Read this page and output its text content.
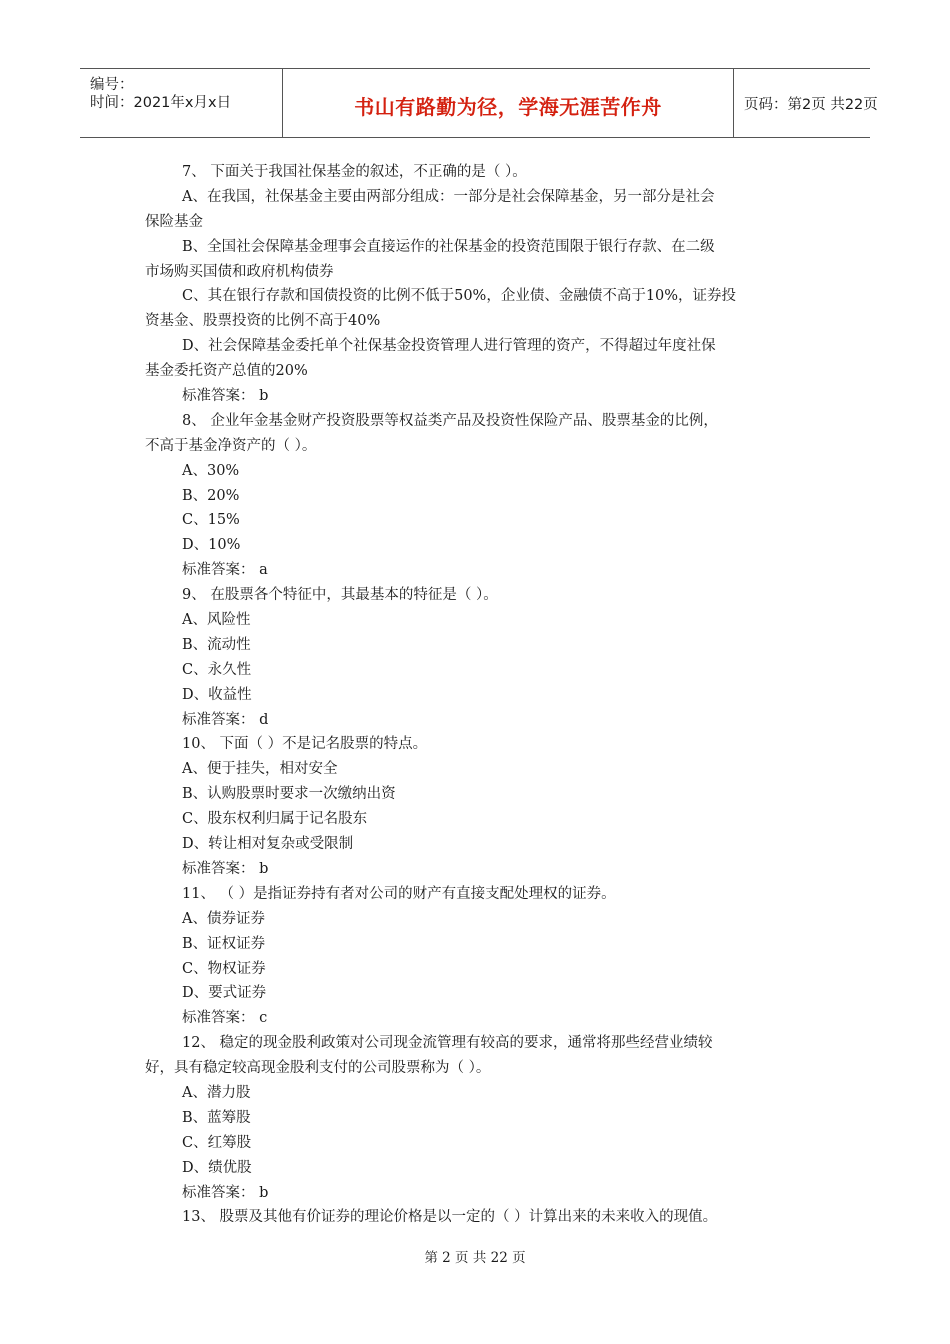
编号：
时间：2021年x月x日	书山有路勤为径，学海无涯苦作舟	页码：第2页 共22页
7、 下面关于我国社保基金的叙述，不正确的是（ ）。
A、在我国，社保基金主要由两部分组成：一部分是社会保障基金，另一部分是社会
保险基金
B、全国社会保障基金理事会直接运作的社保基金的投资范围限于银行存款、在二级
市场购买国债和政府机构债券
C、其在银行存款和国债投资的比例不低于50%，企业债、金融债不高于10%，证券投
资基金、股票投资的比例不高于40%
D、社会保障基金委托单个社保基金投资管理人进行管理的资产，不得超过年度社保
基金委托资产总值的20%
标准答案： b
8、 企业年金基金财产投资股票等权益类产品及投资性保险产品、股票基金的比例，
不高于基金净资产的（ ）。
A、30%
B、20%
C、15%
D、10%
标准答案： a
9、 在股票各个特征中，其最基本的特征是（ ）。
A、风险性
B、流动性
C、永久性
D、收益性
标准答案： d
10、 下面（ ）不是记名股票的特点。
A、便于挂失，相对安全
B、认购股票时要求一次缴纳出资
C、股东权利归属于记名股东
D、转让相对复杂或受限制
标准答案： b
11、 （ ）是指证券持有者对公司的财产有直接支配处理权的证券。
A、债券证券
B、证权证券
C、物权证券
D、要式证券
标准答案： c
12、 稳定的现金股利政策对公司现金流管理有较高的要求，通常将那些经营业绩较
好，具有稳定较高现金股利支付的公司股票称为（ ）。
A、潜力股
B、蓝筹股
C、红筹股
D、绩优股
标准答案： b
13、 股票及其他有价证券的理论价格是以一定的（ ）计算出来的未来收入的现值。
第 2 页 共 22 页
